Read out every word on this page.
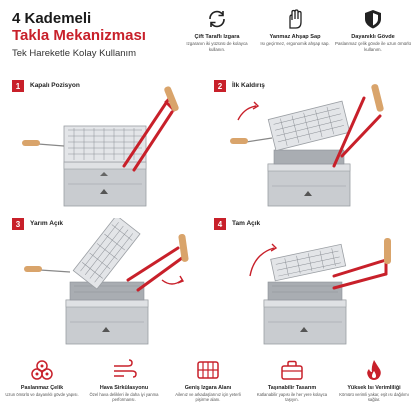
4 Kademeli
Takla Mekanizması
Tek Hareketle Kolay Kullanım
Çift Taraflı Izgara
Izgaranın iki yüzünü de kolayca kullanın.
Yanmaz Ahşap Sap
Isı geçirmez, ergonomik ahşap sap.
Dayanıklı Gövde
Paslanmaz çelik gövde ile uzun ömürlü kullanım.
1	Kapalı Pozisyon	2	İlk Kaldırış
3	Yarım Açık	4	Tam Açık
Paslanmaz Çelik
Uzun ömürlü ve dayanıklı gövde yapısı.
Hava Sirkülasyonu
Özel hava delikleri ile daha iyi yanma performansı.
Geniş Izgara Alanı
Ailenız ve arkadaşlarınız için yeterli pişirme alanı.
Taşınabilir Tasarım
Katlanabilir yapısı ile her yere kolayca taşıyın.
Yüksek Isı Verimliliği
Kömürü verimli yakar, eşit ısı dağılımı sağlar.
